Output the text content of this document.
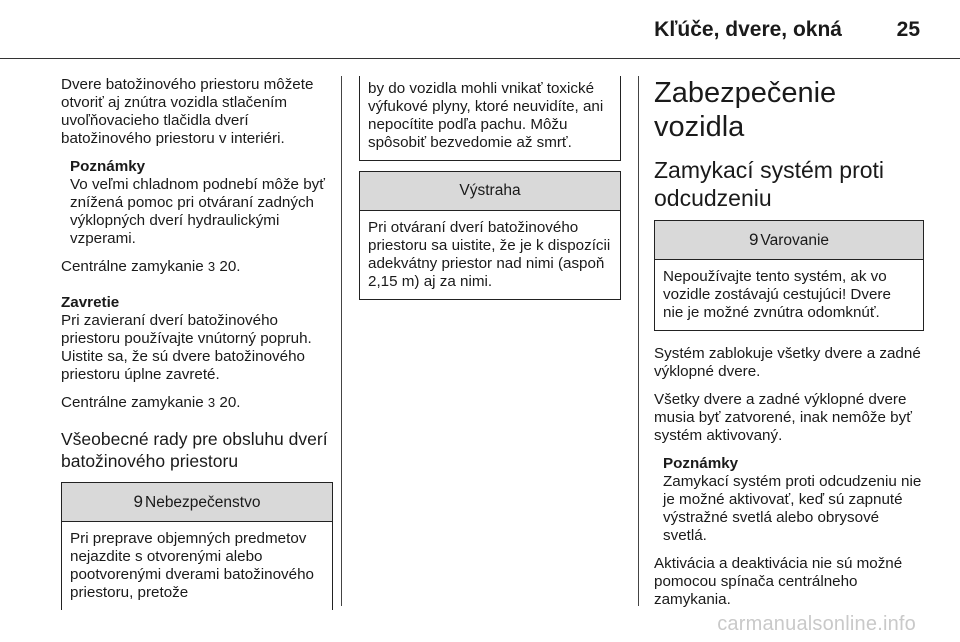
Kľúče, dvere, okná	25

Dvere batožinového priestoru môžete otvoriť aj znútra vozidla stlačením uvoľňovacieho tlačidla dverí batožinového priestoru v interiéri.

Poznámky
Vo veľmi chladnom podnebí môže byť znížená pomoc pri otváraní zadných výklopných dverí hydraulickými vzperami.

Centrálne zamykanie 3 20.

Zavretie

Pri zavieraní dverí batožinového priestoru používajte vnútorný popruh. Uistite sa, že sú dvere batožinového priestoru úplne zavreté.

Centrálne zamykanie 3 20.

Všeobecné rady pre obsluhu dverí batožinového priestoru
9 Nebezpečenstvo
Pri preprave objemných predmetov nejazdite s otvorenými alebo pootvorenými dverami batožinového priestoru, pretože
by do vozidla mohli vnikať toxické výfukové plyny, ktoré neuvidíte, ani nepocítite podľa pachu. Môžu spôsobiť bezvedomie až smrť.
Výstraha
Pri otváraní dverí batožinového priestoru sa uistite, že je k dispozícii adekvátny priestor nad nimi (aspoň 2,15 m) aj za nimi.
Zabezpečenie vozidla
Zamykací systém proti odcudzeniu
9 Varovanie
Nepoužívajte tento systém, ak vo vozidle zostávajú cestujúci! Dvere nie je možné zvnútra odomknúť.

Systém zablokuje všetky dvere a zadné výklopné dvere.

Všetky dvere a zadné výklopné dvere musia byť zatvorené, inak nemôže byť systém aktivovaný.

Poznámky
Zamykací systém proti odcudzeniu nie je možné aktivovať, keď sú zapnuté výstražné svetlá alebo obrysové svetlá.

Aktivácia a deaktivácia nie sú možné pomocou spínača centrálneho zamykania.

carmanualsonline.info
